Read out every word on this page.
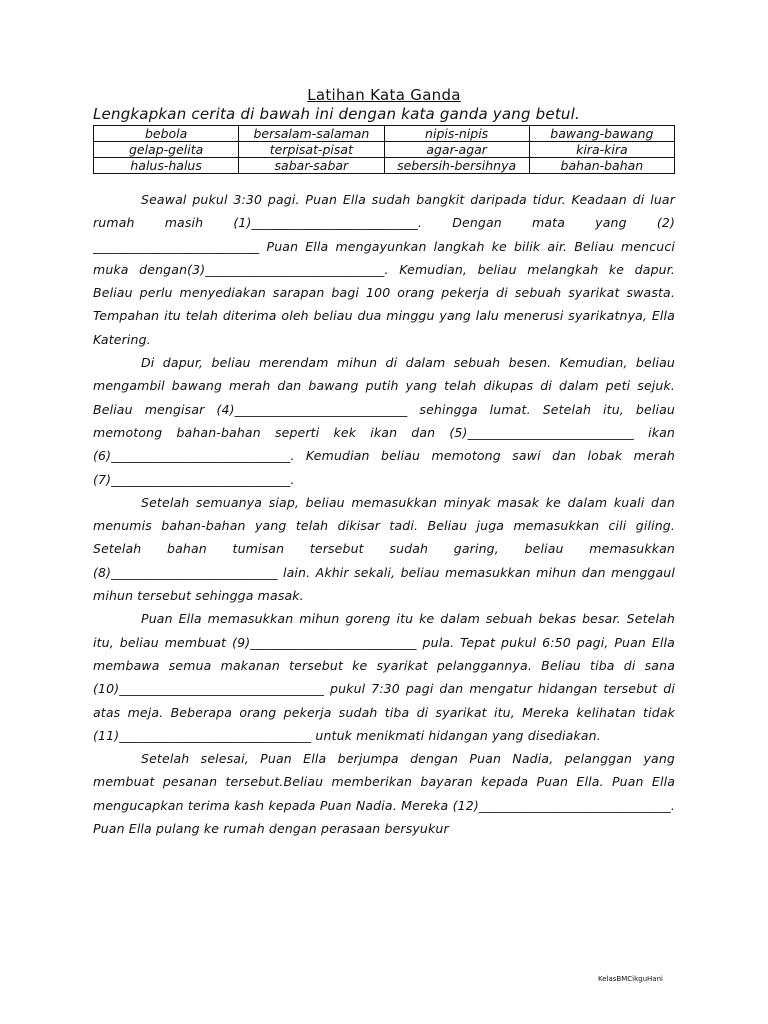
Latihan Kata Ganda
Lengkapkan cerita di bawah ini dengan kata ganda yang betul.
bebola	bersalam-salaman	nipis-nipis	bawang-bawang
gelap-gelita	terpisat-pisat	agar-agar	kira-kira
halus-halus	sabar-sabar	sebersih-bersihnya	bahan-bahan

Seawal pukul 3:30 pagi. Puan Ella sudah bangkit daripada tidur. Keadaan di luar rumah masih (1)__________________________. Dengan mata yang (2) __________________________ Puan Ella mengayunkan langkah ke bilik air. Beliau mencuci muka dengan(3)____________________________. Kemudian, beliau melangkah ke dapur. Beliau perlu menyediakan sarapan bagi 100 orang pekerja di sebuah syarikat swasta. Tempahan itu telah diterima oleh beliau dua minggu yang lalu menerusi syarikatnya, Ella Katering.

Di dapur, beliau merendam mihun di dalam sebuah besen. Kemudian, beliau mengambil bawang merah dan bawang putih yang telah dikupas di dalam peti sejuk. Beliau mengisar (4)___________________________ sehingga lumat. Setelah itu, beliau memotong bahan-bahan seperti kek ikan dan (5)__________________________ ikan (6)____________________________. Kemudian beliau memotong sawi dan lobak merah (7)____________________________.

Setelah semuanya siap, beliau memasukkan minyak masak ke dalam kuali dan menumis bahan-bahan yang telah dikisar tadi. Beliau juga memasukkan cili giling. Setelah bahan tumisan tersebut sudah garing, beliau memasukkan (8)__________________________ lain. Akhir sekali, beliau memasukkan mihun dan menggaul mihun tersebut sehingga masak.

Puan Ella memasukkan mihun goreng itu ke dalam sebuah bekas besar. Setelah itu, beliau membuat (9)__________________________ pula. Tepat pukul 6:50 pagi, Puan Ella membawa semua makanan tersebut ke syarikat pelanggannya. Beliau tiba di sana (10)________________________________ pukul 7:30 pagi dan mengatur hidangan tersebut di atas meja. Beberapa orang pekerja sudah tiba di syarikat itu, Mereka kelihatan tidak (11)______________________________ untuk menikmati hidangan yang disediakan.

Setelah selesai, Puan Ella berjumpa dengan Puan Nadia, pelanggan yang membuat pesanan tersebut.Beliau memberikan bayaran kepada Puan Ella. Puan Ella mengucapkan terima kash kepada Puan Nadia. Mereka (12)______________________________. Puan Ella pulang ke rumah dengan perasaan bersyukur

KelasBMCikguHani
